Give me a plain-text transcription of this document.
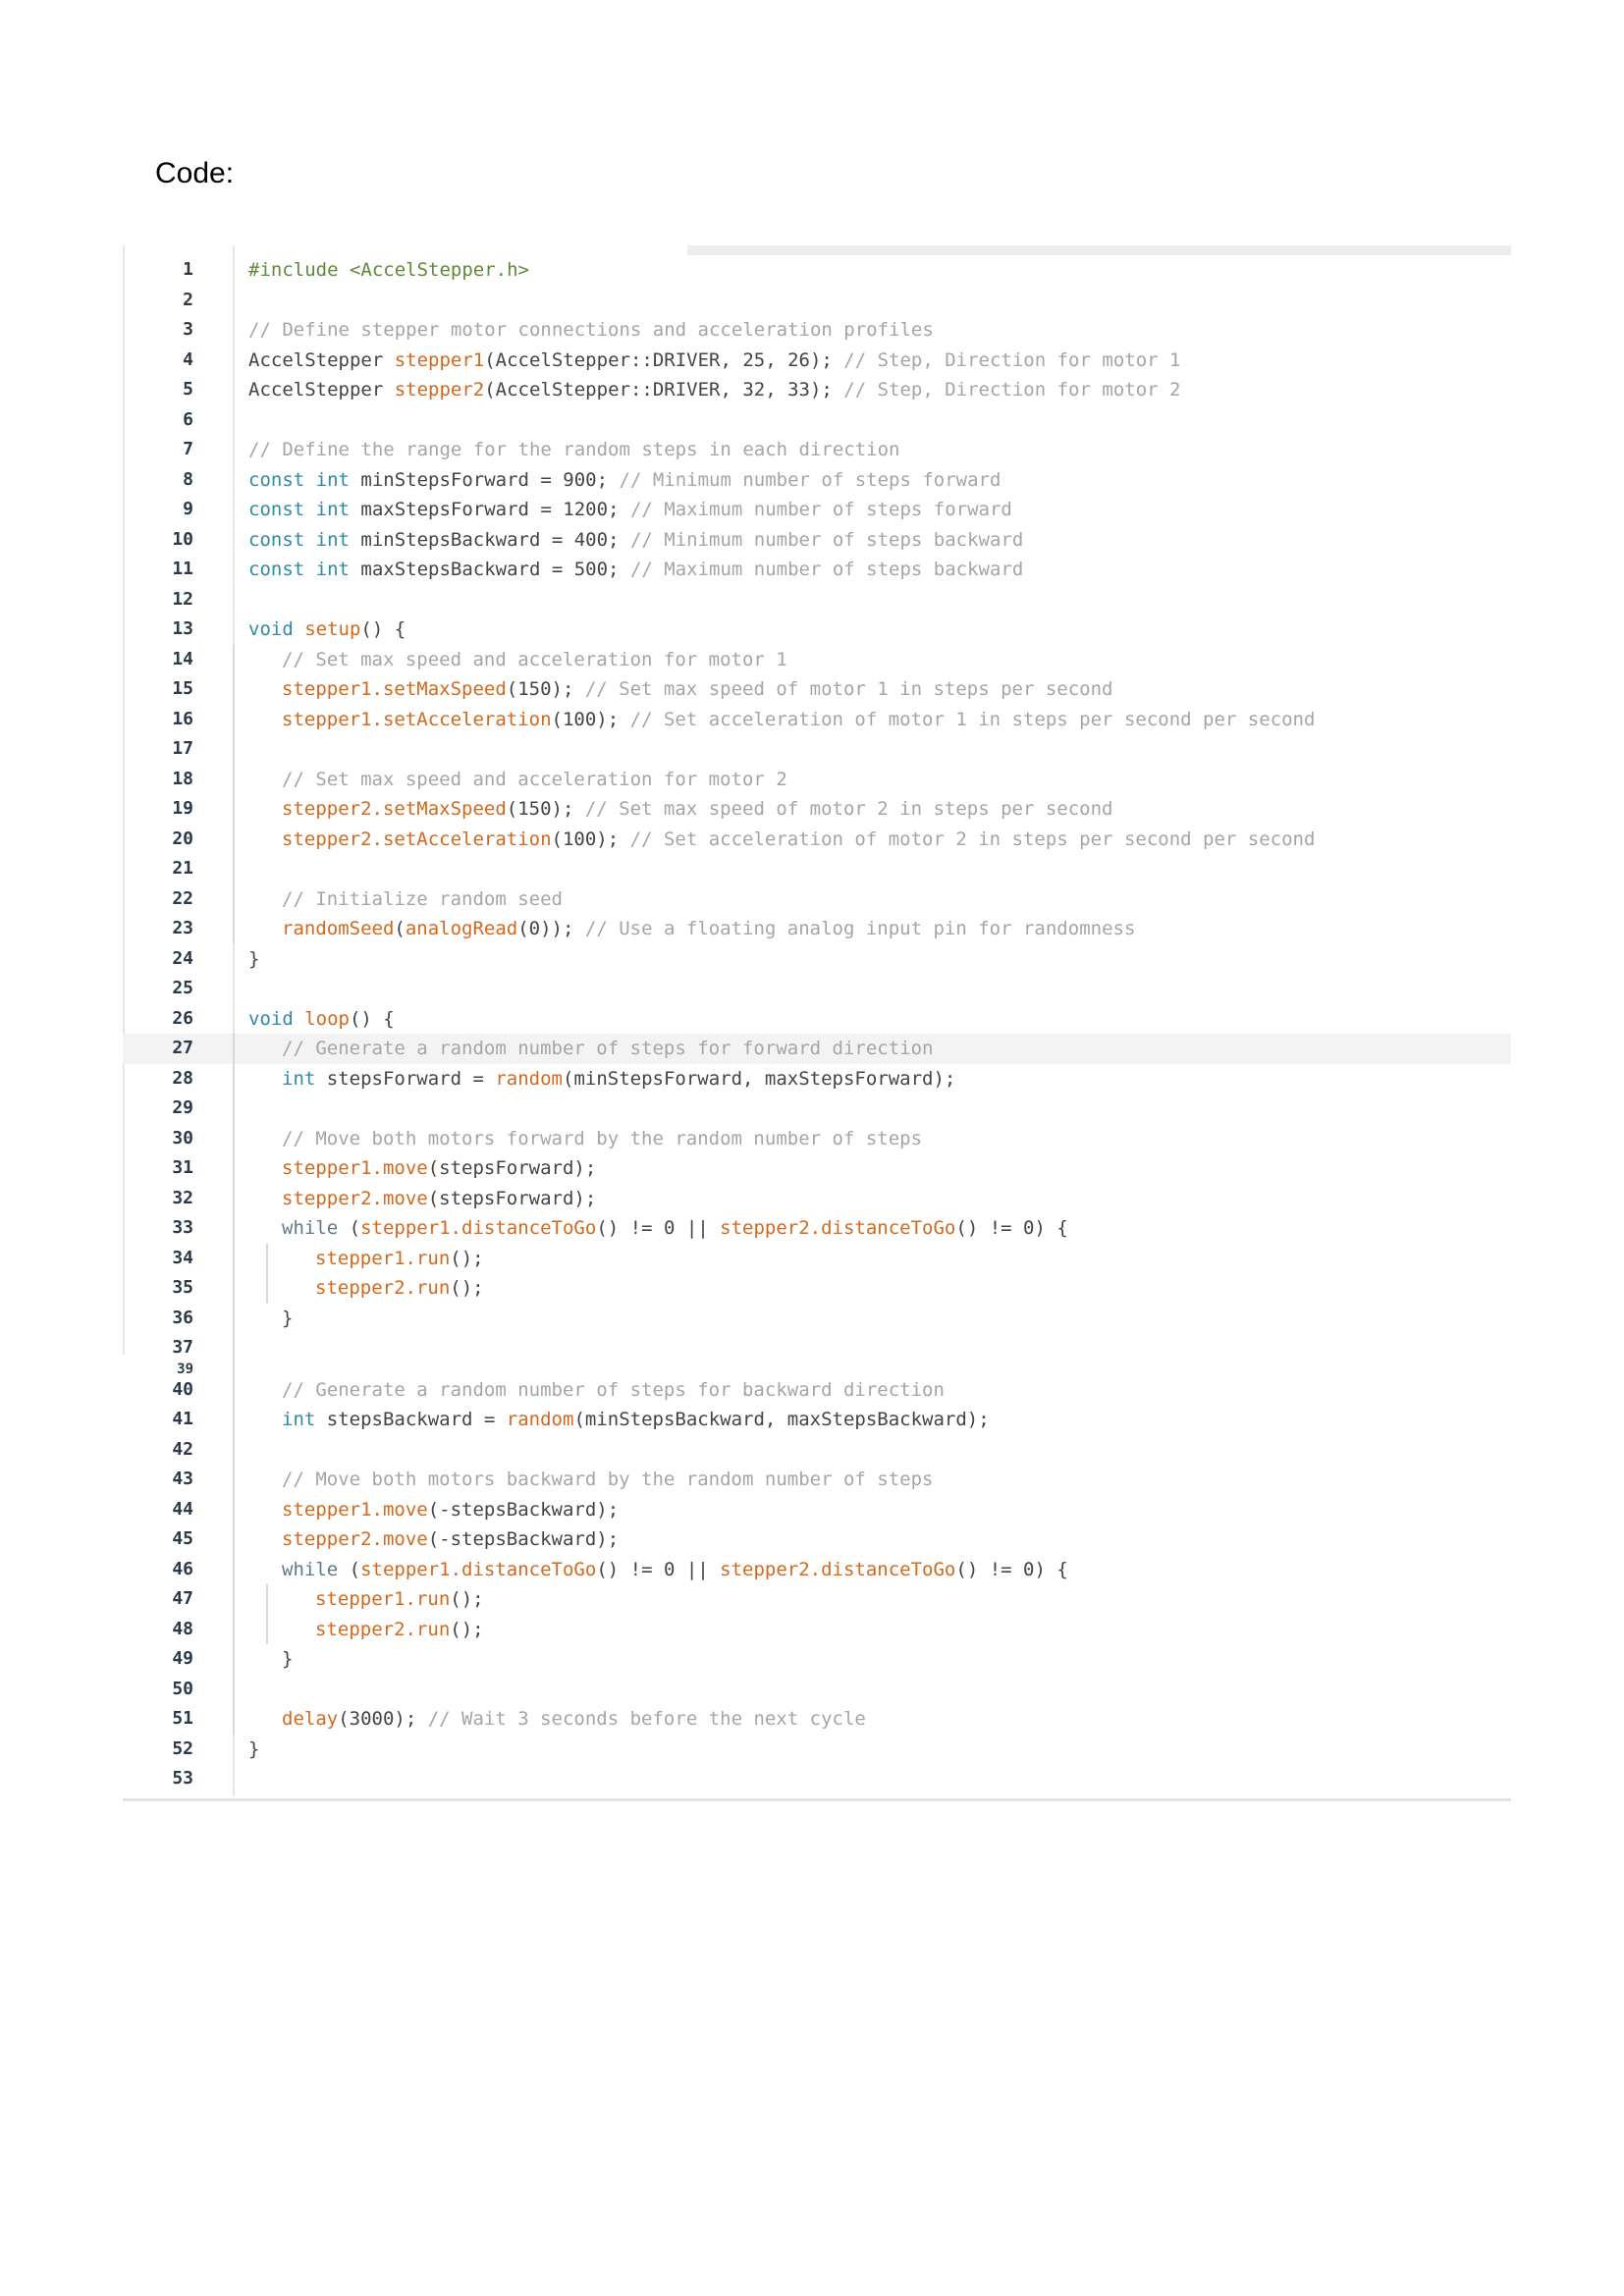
Code:
1	#include <AccelStepper.h>
2
3	// Define stepper motor connections and acceleration profiles
4	AccelStepper stepper1(AccelStepper::DRIVER, 25, 26); // Step, Direction for motor 1
5	AccelStepper stepper2(AccelStepper::DRIVER, 32, 33); // Step, Direction for motor 2
6
7	// Define the range for the random steps in each direction
8	const int minStepsForward = 900; // Minimum number of steps forward
9	const int maxStepsForward = 1200; // Maximum number of steps forward
10	const int minStepsBackward = 400; // Minimum number of steps backward
11	const int maxStepsBackward = 500; // Maximum number of steps backward
12
13	void setup() {
14	// Set max speed and acceleration for motor 1
15	stepper1.setMaxSpeed(150); // Set max speed of motor 1 in steps per second
16	stepper1.setAcceleration(100); // Set acceleration of motor 1 in steps per second per second
17
18	// Set max speed and acceleration for motor 2
19	stepper2.setMaxSpeed(150); // Set max speed of motor 2 in steps per second
20	stepper2.setAcceleration(100); // Set acceleration of motor 2 in steps per second per second
21
22	// Initialize random seed
23	randomSeed(analogRead(0)); // Use a floating analog input pin for randomness
24	}
25
26	void loop() {
27	// Generate a random number of steps for forward direction
28	int stepsForward = random(minStepsForward, maxStepsForward);
29
30	// Move both motors forward by the random number of steps
31	stepper1.move(stepsForward);
32	stepper2.move(stepsForward);
33	while (stepper1.distanceToGo() != 0 || stepper2.distanceToGo() != 0) {
34	stepper1.run();
35	stepper2.run();
36	}
37
39
40	// Generate a random number of steps for backward direction
41	int stepsBackward = random(minStepsBackward, maxStepsBackward);
42
43	// Move both motors backward by the random number of steps
44	stepper1.move(-stepsBackward);
45	stepper2.move(-stepsBackward);
46	while (stepper1.distanceToGo() != 0 || stepper2.distanceToGo() != 0) {
47	stepper1.run();
48	stepper2.run();
49	}
50
51	delay(3000); // Wait 3 seconds before the next cycle
52	}
53
